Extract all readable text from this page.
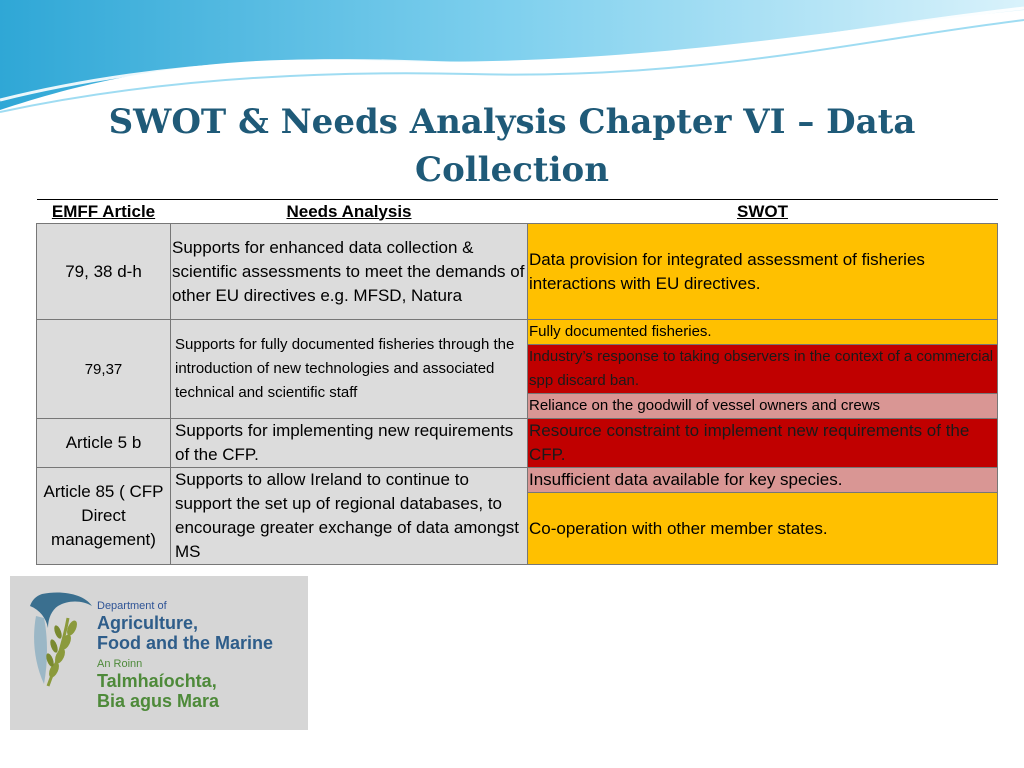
SWOT & Needs Analysis Chapter VI – Data Collection
EMFF Article	Needs Analysis	SWOT
79, 38 d-h	Supports for enhanced data collection & scientific assessments to meet the demands of other EU directives e.g. MFSD, Natura	Data provision for integrated assessment of fisheries interactions with EU directives.
79,37	Supports for fully documented fisheries through the introduction of new technologies and associated technical and scientific staff	Fully documented fisheries.
		Industry’s response to taking observers in the context of a commercial spp discard ban.
		Reliance on the goodwill of vessel owners and crews
Article 5 b	Supports for implementing new requirements of the CFP.	Resource constraint to implement new requirements of the CFP.
Article 85 ( CFP Direct management)	Supports to allow Ireland to continue to support the set up of regional databases, to encourage greater exchange of data amongst MS	Insufficient data available for key species.
		Co-operation with other member states.
Department of
Agriculture,
Food and the Marine
An Roinn
Talmhaíochta,
Bia agus Mara
